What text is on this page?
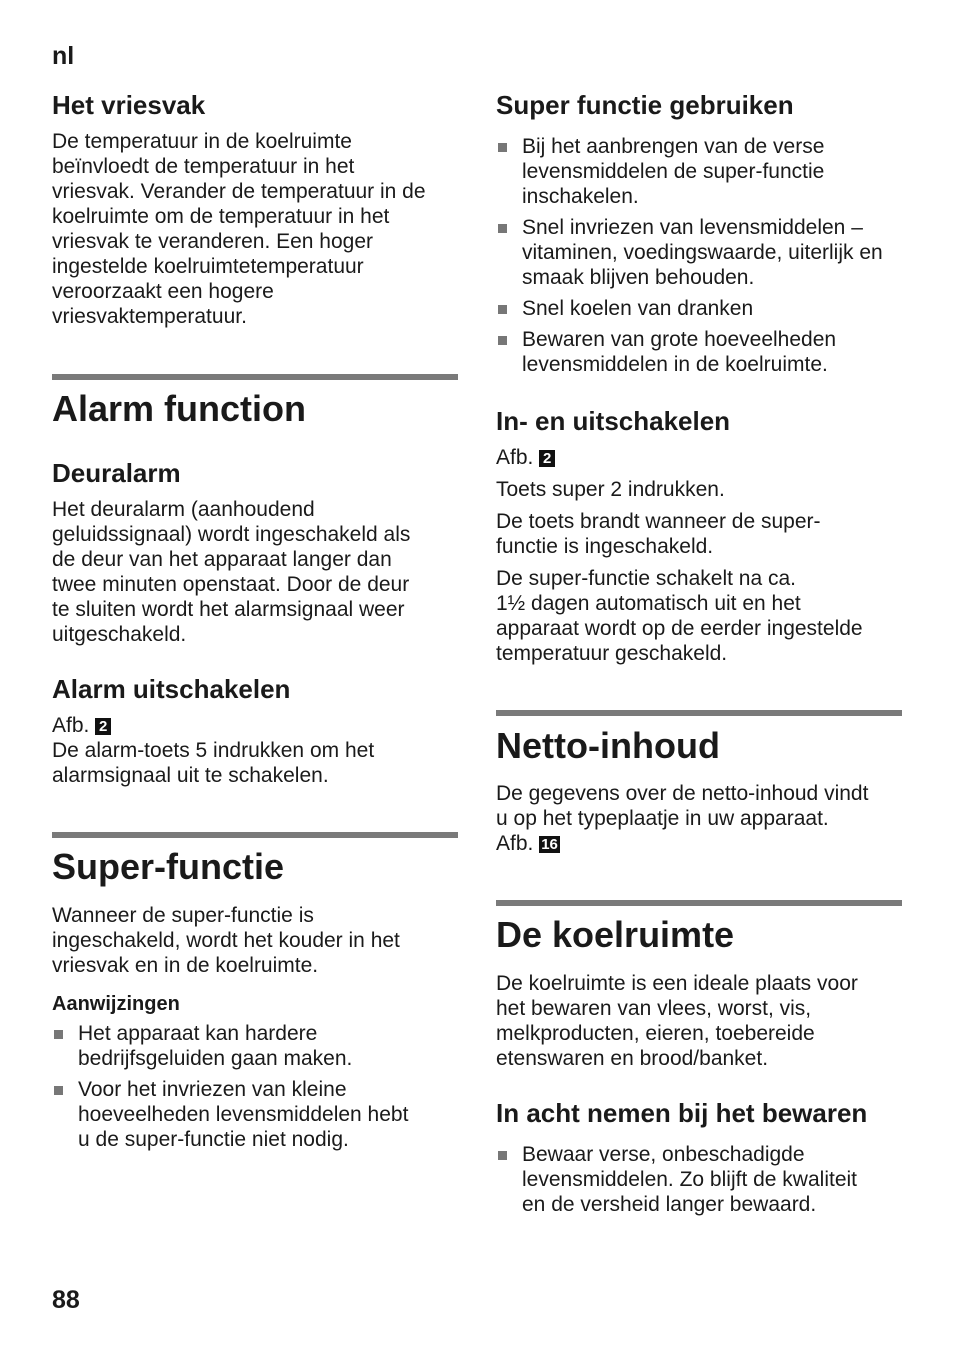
nl
Het vriesvak

De temperatuur in de koelruimte
beïnvloedt de temperatuur in het
vriesvak. Verander de temperatuur in de
koelruimte om de temperatuur in het
vriesvak te veranderen. Een hoger
ingestelde koelruimtetemperatuur
veroorzaakt een hogere
vriesvaktemperatuur.

Alarm function
Deuralarm

Het deuralarm (aanhoudend
geluidssignaal) wordt ingeschakeld als
de deur van het apparaat langer dan
twee minuten openstaat. Door de deur
te sluiten wordt het alarmsignaal weer
uitgeschakeld.

Alarm uitschakelen

Afb. 2

De alarm-toets 5 indrukken om het
alarmsignaal uit te schakelen.

Super-functie

Wanneer de super-functie is
ingeschakeld, wordt het kouder in het
vriesvak en in de koelruimte.

Aanwijzingen
Het apparaat kan hardere
bedrijfsgeluiden gaan maken.
Voor het invriezen van kleine
hoeveelheden levensmiddelen hebt
u de super-functie niet nodig.
Super functie gebruiken
Bij het aanbrengen van de verse
levensmiddelen de super-functie
inschakelen.
Snel invriezen van levensmiddelen –
vitaminen, voedingswaarde, uiterlijk en
smaak blijven behouden.
Snel koelen van dranken
Bewaren van grote hoeveelheden
levensmiddelen in de koelruimte.
In- en uitschakelen

Afb. 2

Toets super 2 indrukken.

De toets brandt wanneer de super-
functie is ingeschakeld.

De super-functie schakelt na ca.
1½ dagen automatisch uit en het
apparaat wordt op de eerder ingestelde
temperatuur geschakeld.

Netto-inhoud

De gegevens over de netto-inhoud vindt
u op het typeplaatje in uw apparaat.

Afb. 16

De koelruimte

De koelruimte is een ideale plaats voor
het bewaren van vlees, worst, vis,
melkproducten, eieren, toebereide
etenswaren en brood/banket.

In acht nemen bij het bewaren
Bewaar verse, onbeschadigde
levensmiddelen. Zo blijft de kwaliteit
en de versheid langer bewaard.
88
